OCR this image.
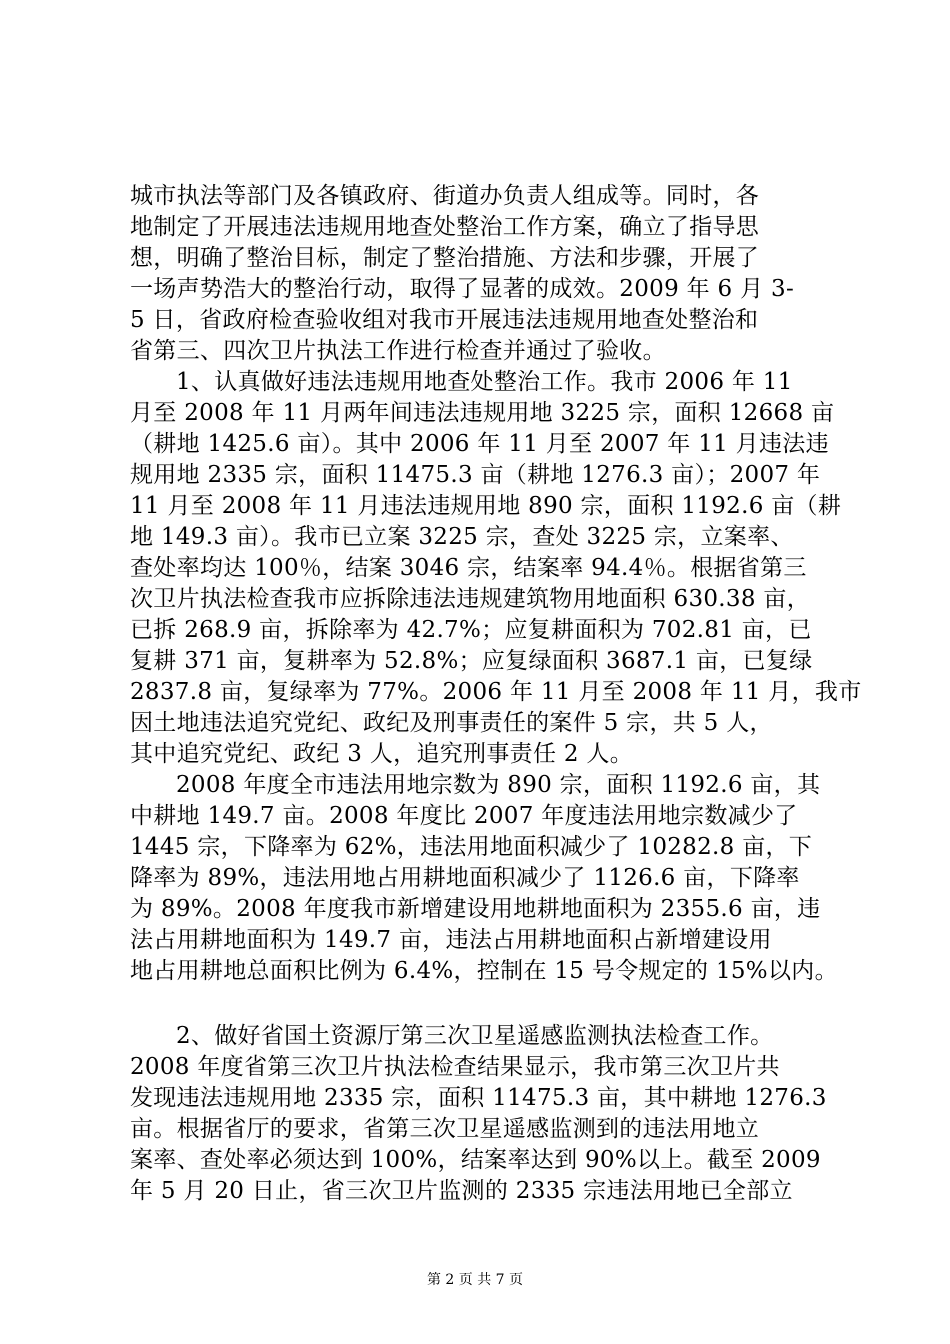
城市执法等部门及各镇政府、街道办负责人组成等。同时，各
地制定了开展违法违规用地查处整治工作方案，确立了指导思
想，明确了整治目标，制定了整治措施、方法和步骤，开展了
一场声势浩大的整治行动，取得了显著的成效。2009 年 6 月 3-
5 日，省政府检查验收组对我市开展违法违规用地查处整治和
省第三、四次卫片执法工作进行检查并通过了验收。
1、认真做好违法违规用地查处整治工作。我市 2006 年 11
月至 2008 年 11 月两年间违法违规用地 3225 宗，面积 12668 亩
（耕地 1425.6 亩）。其中 2006 年 11 月至 2007 年 11 月违法违
规用地 2335 宗，面积 11475.3 亩（耕地 1276.3 亩）；2007 年
11 月至 2008 年 11 月违法违规用地 890 宗，面积 1192.6 亩（耕
地 149.3 亩）。我市已立案 3225 宗，查处 3225 宗，立案率、
查处率均达 100％，结案 3046 宗，结案率 94.4％。根据省第三
次卫片执法检查我市应拆除违法违规建筑物用地面积 630.38 亩，
已拆 268.9 亩，拆除率为 42.7%；应复耕面积为 702.81 亩，已
复耕 371 亩，复耕率为 52.8%；应复绿面积 3687.1 亩，已复绿
2837.8 亩，复绿率为 77%。2006 年 11 月至 2008 年 11 月，我市
因土地违法追究党纪、政纪及刑事责任的案件 5 宗，共 5 人，
其中追究党纪、政纪 3 人，追究刑事责任 2 人。
2008 年度全市违法用地宗数为 890 宗，面积 1192.6 亩，其
中耕地 149.7 亩。2008 年度比 2007 年度违法用地宗数减少了
1445 宗，下降率为 62%，违法用地面积减少了 10282.8 亩，下
降率为 89%，违法用地占用耕地面积减少了 1126.6 亩，下降率
为 89%。2008 年度我市新增建设用地耕地面积为 2355.6 亩，违
法占用耕地面积为 149.7 亩，违法占用耕地面积占新增建设用
地占用耕地总面积比例为 6.4%，控制在 15 号令规定的 15%以内。
2、做好省国土资源厅第三次卫星遥感监测执法检查工作。
2008 年度省第三次卫片执法检查结果显示，我市第三次卫片共
发现违法违规用地 2335 宗，面积 11475.3 亩，其中耕地 1276.3
亩。根据省厅的要求，省第三次卫星遥感监测到的违法用地立
案率、查处率必须达到 100%，结案率达到 90%以上。截至 2009
年 5 月 20 日止，省三次卫片监测的 2335 宗违法用地已全部立
第 2 页 共 7 页
